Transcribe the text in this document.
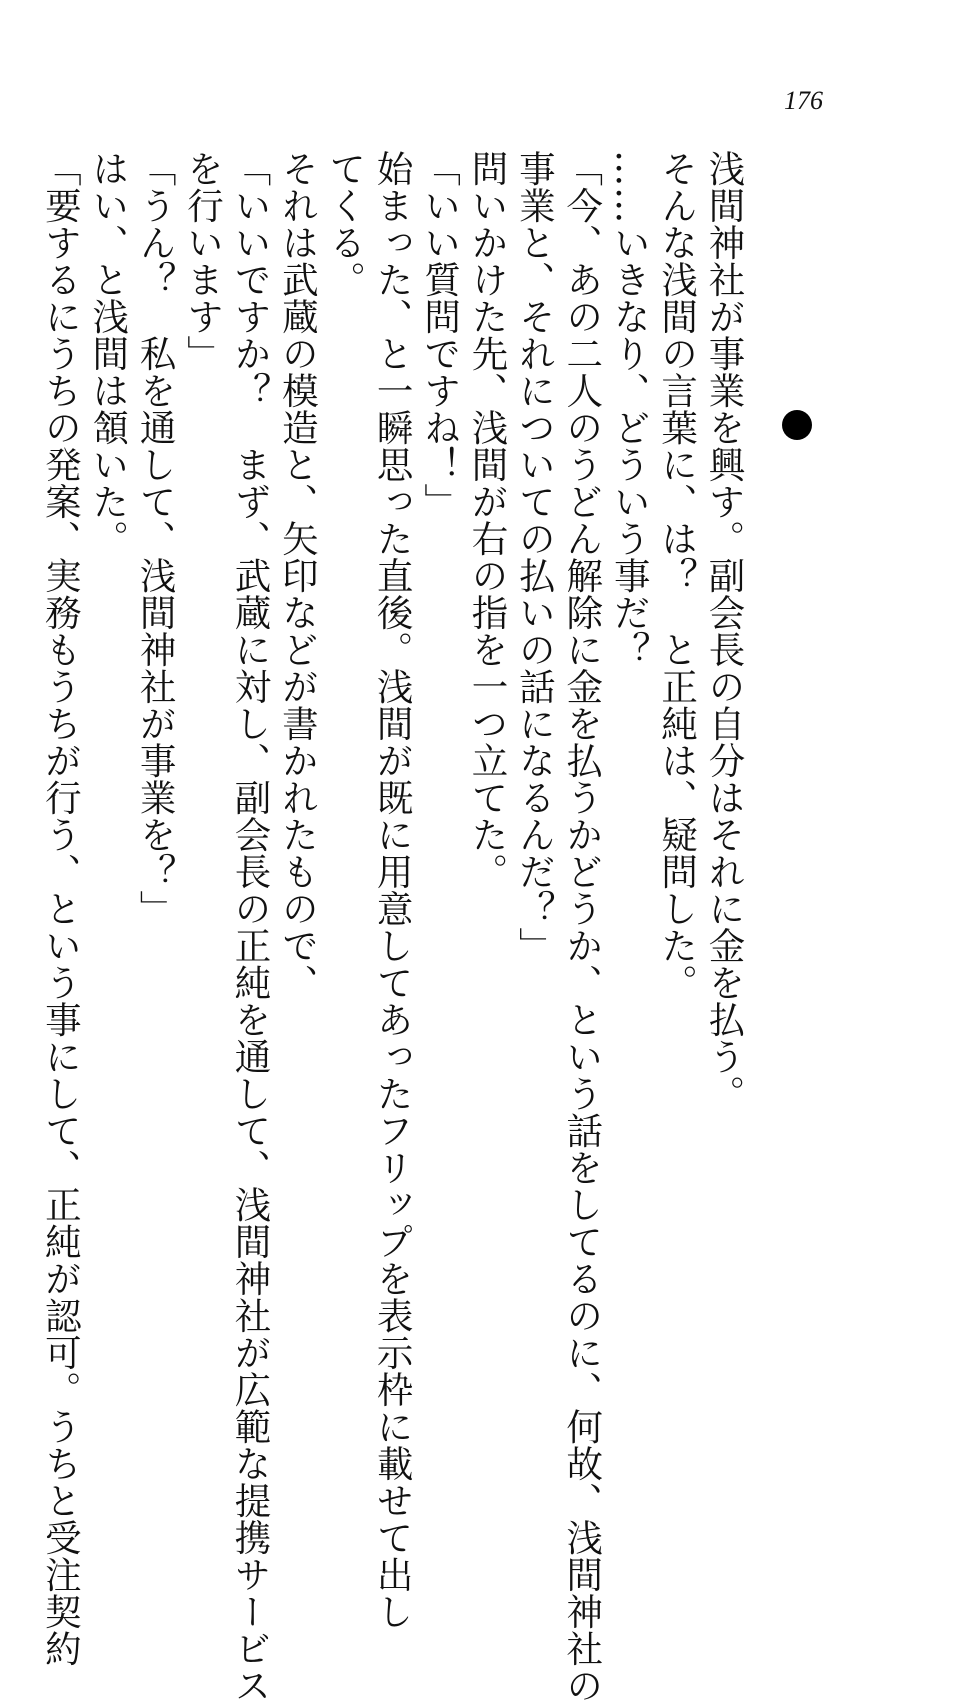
176

浅間神社が事業を興す。副会長の自分はそれに金を払う。

そんな浅間の言葉に、は？　と正純は、疑問した。

……いきなり、どういう事だ？

「今、あの二人のうどん解除に金を払うかどうか、という話をしてるのに、何故、浅間神社の

事業と、それについての払いの話になるんだ？」

問いかけた先、浅間が右の指を一つ立てた。

「いい質問ですね！」

始まった、と一瞬思った直後。浅間が既に用意してあったフリップを表示枠に載せて出し

てくる。

それは武蔵の模造と、矢印などが書かれたもので、

「いいですか？　まず、武蔵に対し、副会長の正純を通して、浅間神社が広範な提携サービス

を行います」

「うん？　私を通して、浅間神社が事業を？」

はい、と浅間は頷いた。

「要するにうちの発案、実務もうちが行う、という事にして、正純が認可。うちと受注契約
